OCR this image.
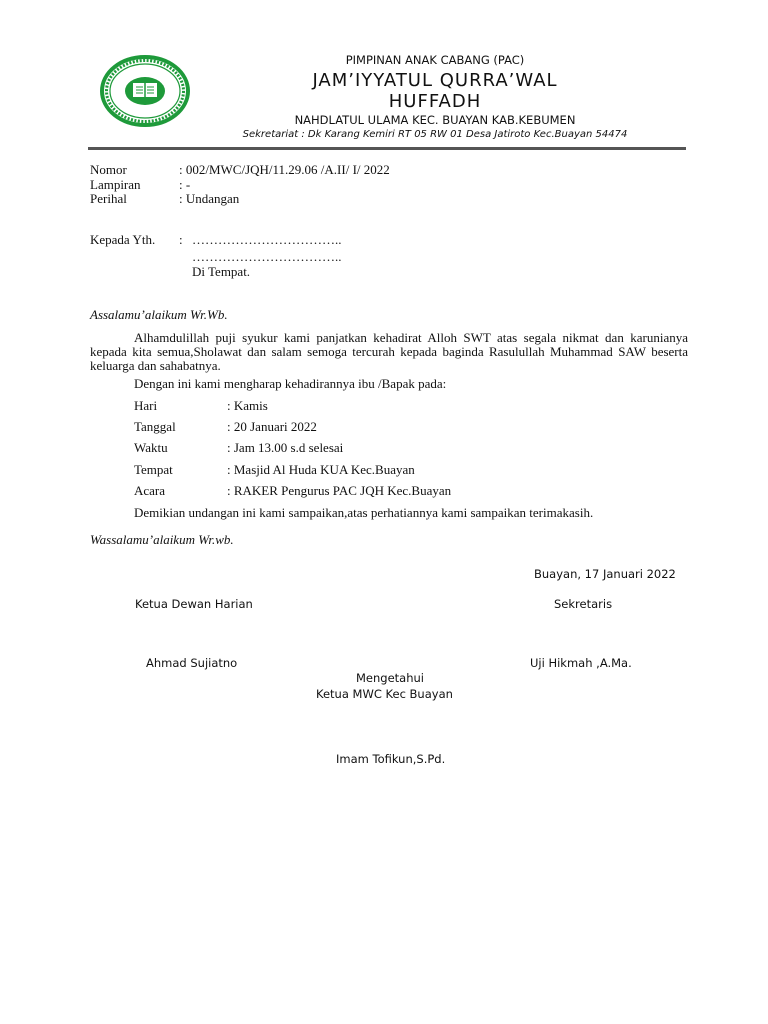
PIMPINAN ANAK CABANG (PAC)
JAM’IYYATUL QURRA’WAL
HUFFADH
NAHDLATUL ULAMA KEC. BUAYAN KAB.KEBUMEN
Sekretariat : Dk Karang Kemiri RT 05 RW 01 Desa Jatiroto Kec.Buayan 54474
Nomor	: 002/MWC/JQH/11.29.06 /A.II/ I/ 2022
Lampiran	: -
Perihal	: Undangan
Kepada Yth. : ……………………………..
……………………………..
Di Tempat.
Assalamu’alaikum Wr.Wb.
Alhamdulillah puji syukur kami panjatkan kehadirat Alloh SWT atas segala nikmat dan karunianya kepada kita semua,Sholawat dan salam semoga tercurah kepada baginda Rasulullah Muhammad SAW beserta keluarga dan sahabatnya.
Dengan ini kami mengharap kehadirannya ibu /Bapak pada:
Hari	: Kamis
Tanggal	: 20 Januari 2022
Waktu	: Jam 13.00 s.d selesai
Tempat	: Masjid Al Huda KUA Kec.Buayan
Acara	: RAKER Pengurus PAC JQH Kec.Buayan
Demikian undangan ini kami sampaikan,atas perhatiannya kami sampaikan terimakasih.
Wassalamu’alaikum Wr.wb.
Buayan, 17 Januari 2022
Ketua Dewan Harian	Sekretaris
Ahmad Sujiatno	Uji Hikmah ,A.Ma.
Mengetahui
Ketua MWC Kec Buayan
Imam Tofikun,S.Pd.
